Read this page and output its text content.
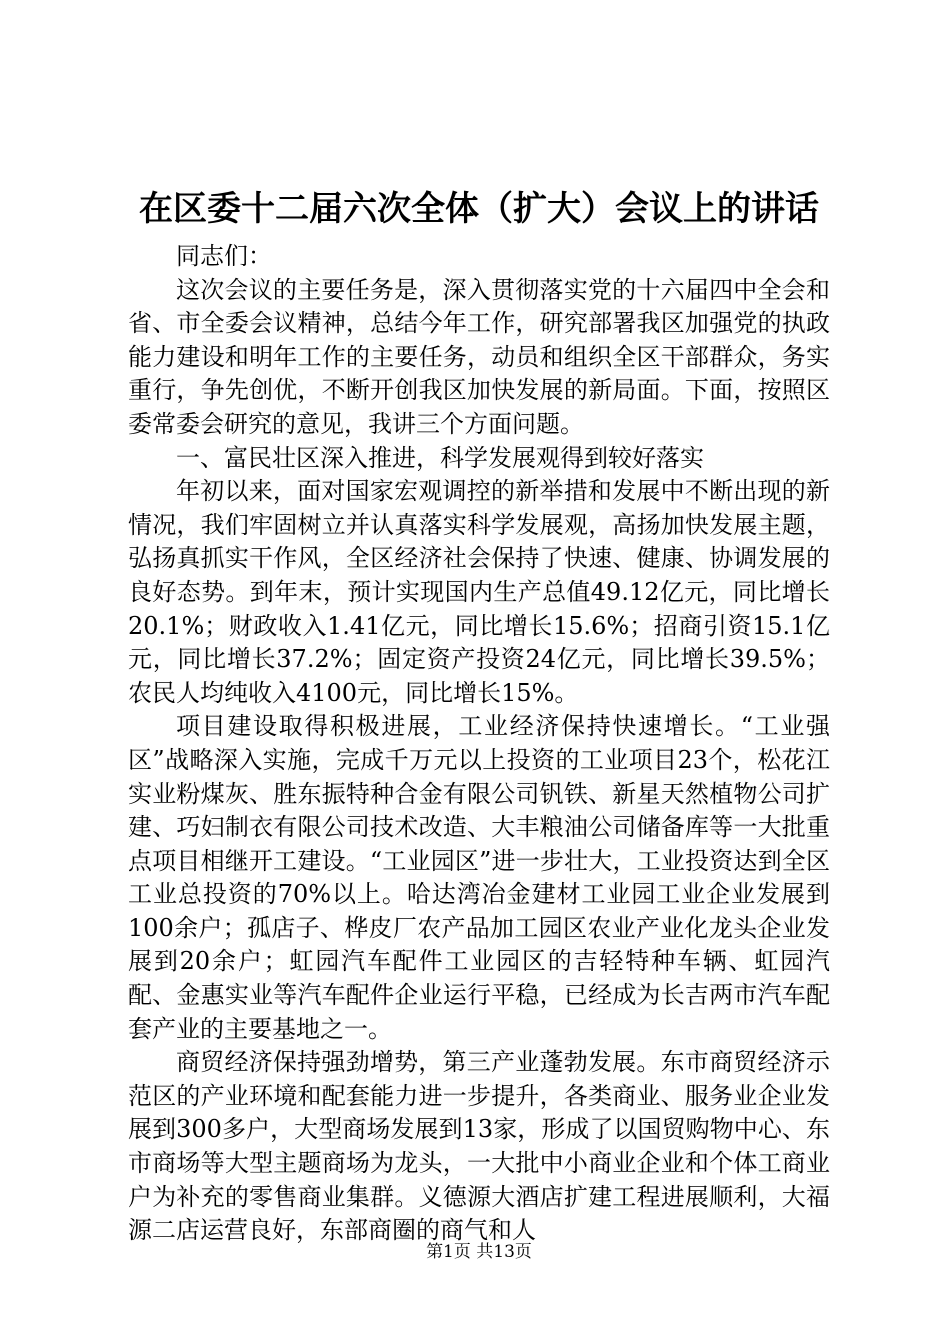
在区委十二届六次全体（扩大）会议上的讲话

同志们：

这次会议的主要任务是，深入贯彻落实党的十六届四中全会和省、市全委会议精神，总结今年工作，研究部署我区加强党的执政能力建设和明年工作的主要任务，动员和组织全区干部群众，务实重行，争先创优，不断开创我区加快发展的新局面。下面，按照区委常委会研究的意见，我讲三个方面问题。

一、富民壮区深入推进，科学发展观得到较好落实

年初以来，面对国家宏观调控的新举措和发展中不断出现的新情况，我们牢固树立并认真落实科学发展观，高扬加快发展主题，弘扬真抓实干作风，全区经济社会保持了快速、健康、协调发展的良好态势。到年末，预计实现国内生产总值49.12亿元，同比增长20.1%；财政收入1.41亿元，同比增长15.6%；招商引资15.1亿元，同比增长37.2%；固定资产投资24亿元，同比增长39.5%；农民人均纯收入4100元，同比增长15%。

项目建设取得积极进展，工业经济保持快速增长。“工业强区”战略深入实施，完成千万元以上投资的工业项目23个，松花江实业粉煤灰、胜东振特种合金有限公司钒铁、新星天然植物公司扩建、巧妇制衣有限公司技术改造、大丰粮油公司储备库等一大批重点项目相继开工建设。“工业园区”进一步壮大，工业投资达到全区工业总投资的70%以上。哈达湾冶金建材工业园工业企业发展到100余户；孤店子、桦皮厂农产品加工园区农业产业化龙头企业发展到20余户；虹园汽车配件工业园区的吉轻特种车辆、虹园汽配、金惠实业等汽车配件企业运行平稳，已经成为长吉两市汽车配套产业的主要基地之一。

商贸经济保持强劲增势，第三产业蓬勃发展。东市商贸经济示范区的产业环境和配套能力进一步提升，各类商业、服务业企业发展到300多户，大型商场发展到13家，形成了以国贸购物中心、东市商场等大型主题商场为龙头，一大批中小商业企业和个体工商业户为补充的零售商业集群。义德源大酒店扩建工程进展顺利，大福源二店运营良好，东部商圈的商气和人

第1页 共13页
